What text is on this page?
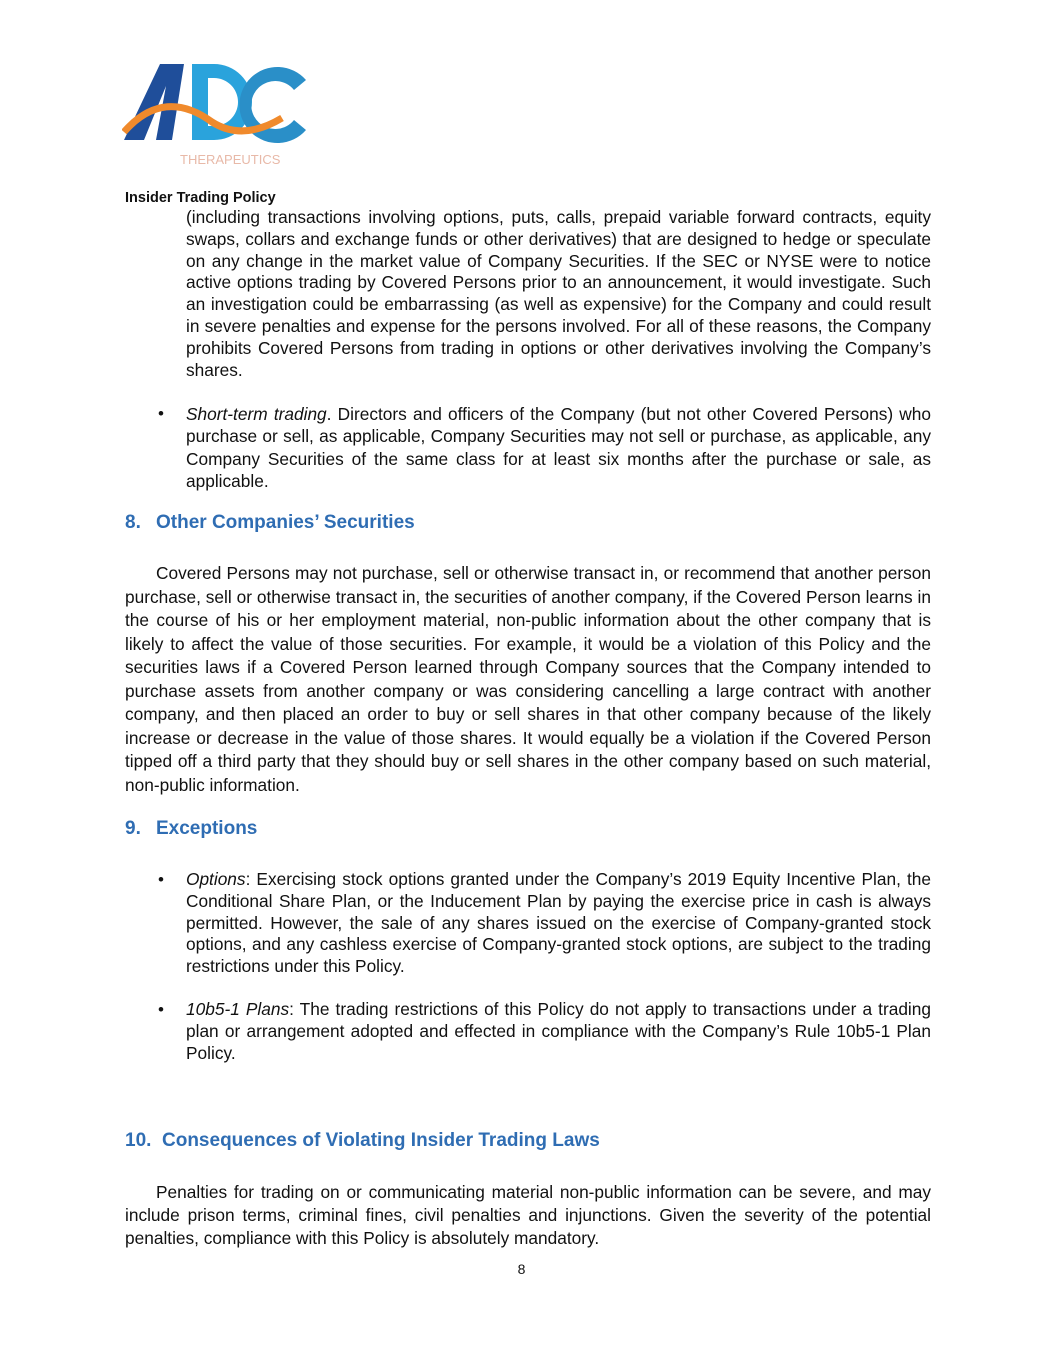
THERAPEUTICS
Insider Trading Policy
(including transactions involving options, puts, calls, prepaid variable forward contracts, equity swaps, collars and exchange funds or other derivatives) that are designed to hedge or speculate on any change in the market value of Company Securities. If the SEC or NYSE were to notice active options trading by Covered Persons prior to an announcement, it would investigate. Such an investigation could be embarrassing (as well as expensive) for the Company and could result in severe penalties and expense for the persons involved. For all of these reasons, the Company prohibits Covered Persons from trading in options or other derivatives involving the Company’s shares.
• Short-term trading. Directors and officers of the Company (but not other Covered Persons) who purchase or sell, as applicable, Company Securities may not sell or purchase, as applicable, any Company Securities of the same class for at least six months after the purchase or sale, as applicable.
8. Other Companies’ Securities
Covered Persons may not purchase, sell or otherwise transact in, or recommend that another person purchase, sell or otherwise transact in, the securities of another company, if the Covered Person learns in the course of his or her employment material, non-public information about the other company that is likely to affect the value of those securities. For example, it would be a violation of this Policy and the securities laws if a Covered Person learned through Company sources that the Company intended to purchase assets from another company or was considering cancelling a large contract with another company, and then placed an order to buy or sell shares in that other company because of the likely increase or decrease in the value of those shares. It would equally be a violation if the Covered Person tipped off a third party that they should buy or sell shares in the other company based on such material, non-public information.
9. Exceptions
• Options: Exercising stock options granted under the Company’s 2019 Equity Incentive Plan, the Conditional Share Plan, or the Inducement Plan by paying the exercise price in cash is always permitted. However, the sale of any shares issued on the exercise of Company-granted stock options, and any cashless exercise of Company-granted stock options, are subject to the trading restrictions under this Policy.
• 10b5-1 Plans: The trading restrictions of this Policy do not apply to transactions under a trading plan or arrangement adopted and effected in compliance with the Company’s Rule 10b5-1 Plan Policy.
10. Consequences of Violating Insider Trading Laws
Penalties for trading on or communicating material non-public information can be severe, and may include prison terms, criminal fines, civil penalties and injunctions. Given the severity of the potential penalties, compliance with this Policy is absolutely mandatory.
8
